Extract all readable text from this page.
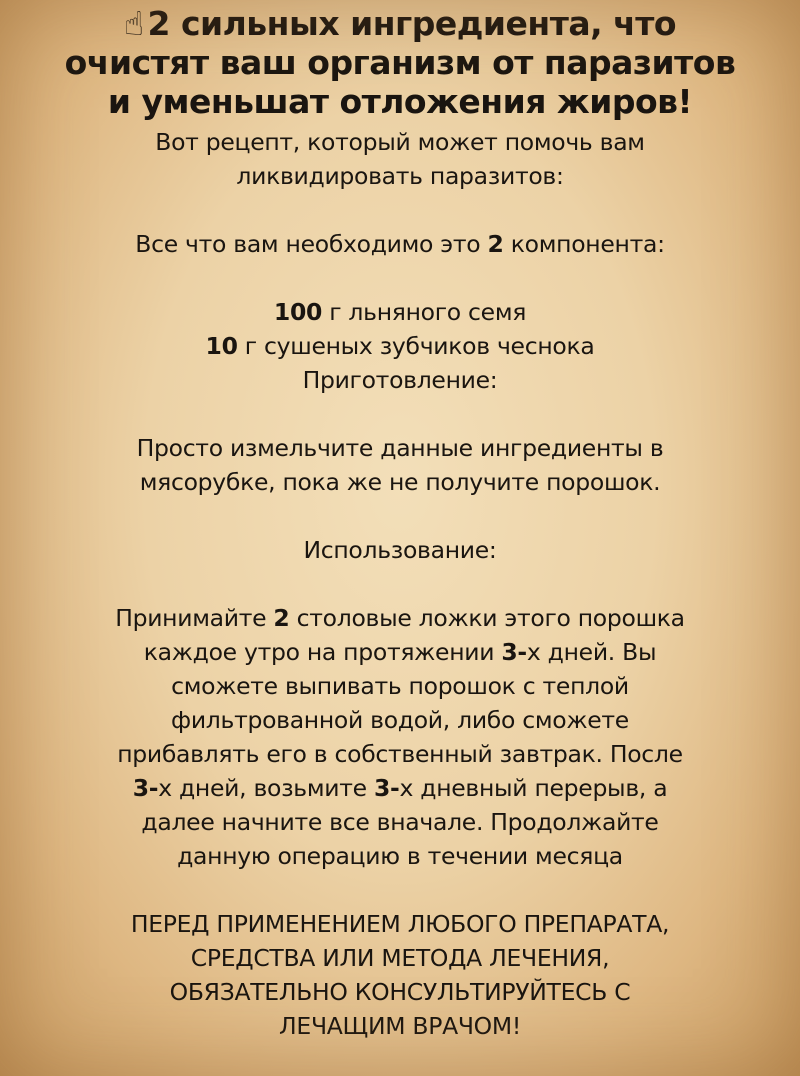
☝ 2 сильных ингредиента, что
очистят ваш организм от паразитов
и уменьшат отложения жиров!
Вот рецепт, который может помочь вам
ликвидировать паразитов:
Все что вам необходимо это 2 компонента:
100 г льняного семя
10 г сушеных зубчиков чеснока
Приготовление:
Просто измельчите данные ингредиенты в
мясорубке, пока же не получите порошок.
Использование:
Принимайте 2 столовые ложки этого порошка
каждое утро на протяжении 3-х дней. Вы
сможете выпивать порошок с теплой
фильтрованной водой, либо сможете
прибавлять его в собственный завтрак. После
3-х дней, возьмите 3-х дневный перерыв, а
далее начните все вначале. Продолжайте
данную операцию в течении месяца
ПЕРЕД ПРИМЕНЕНИЕМ ЛЮБОГО ПРЕПАРАТА,
СРЕДСТВА ИЛИ МЕТОДА ЛЕЧЕНИЯ,
ОБЯЗАТЕЛЬНО КОНСУЛЬТИРУЙТЕСЬ С
ЛЕЧАЩИМ ВРАЧОМ!
